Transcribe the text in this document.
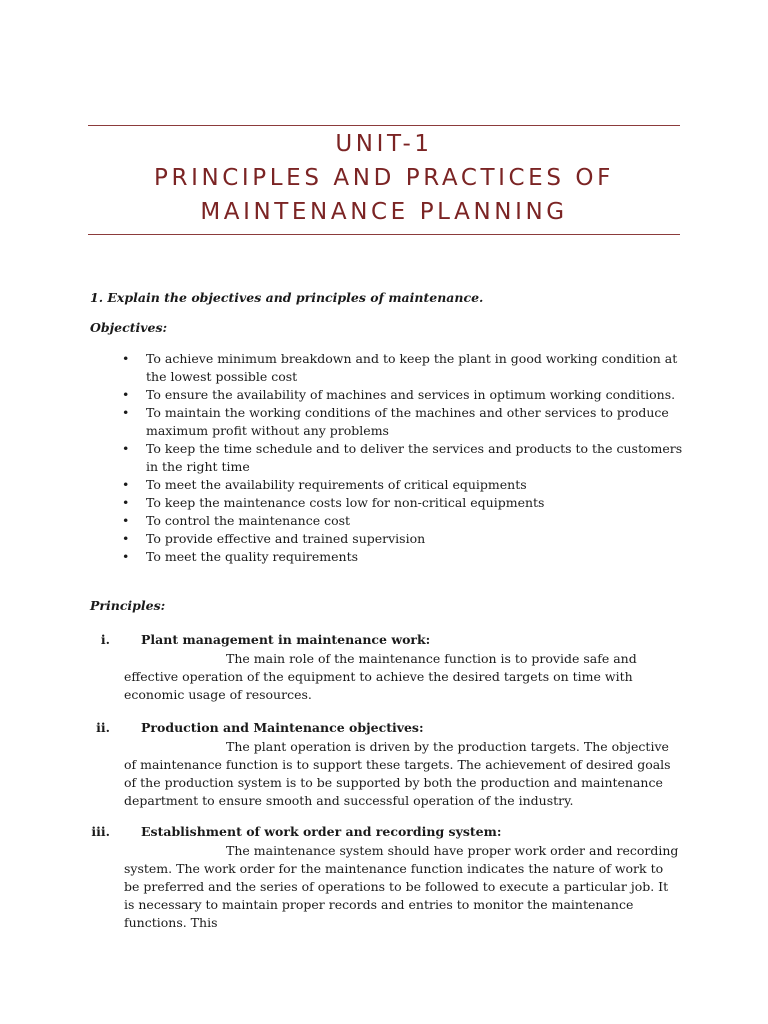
UNIT-1
PRINCIPLES AND PRACTICES OF
MAINTENANCE PLANNING
1. Explain the objectives and principles of maintenance.
Objectives:
• To achieve minimum breakdown and to keep the plant in good working condition at the lowest possible cost
• To ensure the availability of machines and services in optimum working conditions.
• To maintain the working conditions of the machines and other services to produce maximum profit without any problems
• To keep the time schedule and to deliver the services and products to the customers in the right time
• To meet the availability requirements of critical equipments
• To keep the maintenance costs low for non-critical equipments
• To control the maintenance cost
• To provide effective and trained supervision
• To meet the quality requirements
Principles:
i. Plant management in maintenance work:
The main role of the maintenance function is to provide safe and effective operation of the equipment to achieve the desired targets on time with economic usage of resources.
ii. Production and Maintenance objectives:
The plant operation is driven by the production targets. The objective of maintenance function is to support these targets. The achievement of desired goals of the production system is to be supported by both the production and maintenance department to ensure smooth and successful operation of the industry.
iii. Establishment of work order and recording system:
The maintenance system should have proper work order and recording system. The work order for the maintenance function indicates the nature of work to be preferred and the series of operations to be followed to execute a particular job. It is necessary to maintain proper records and entries to monitor the maintenance functions. This
